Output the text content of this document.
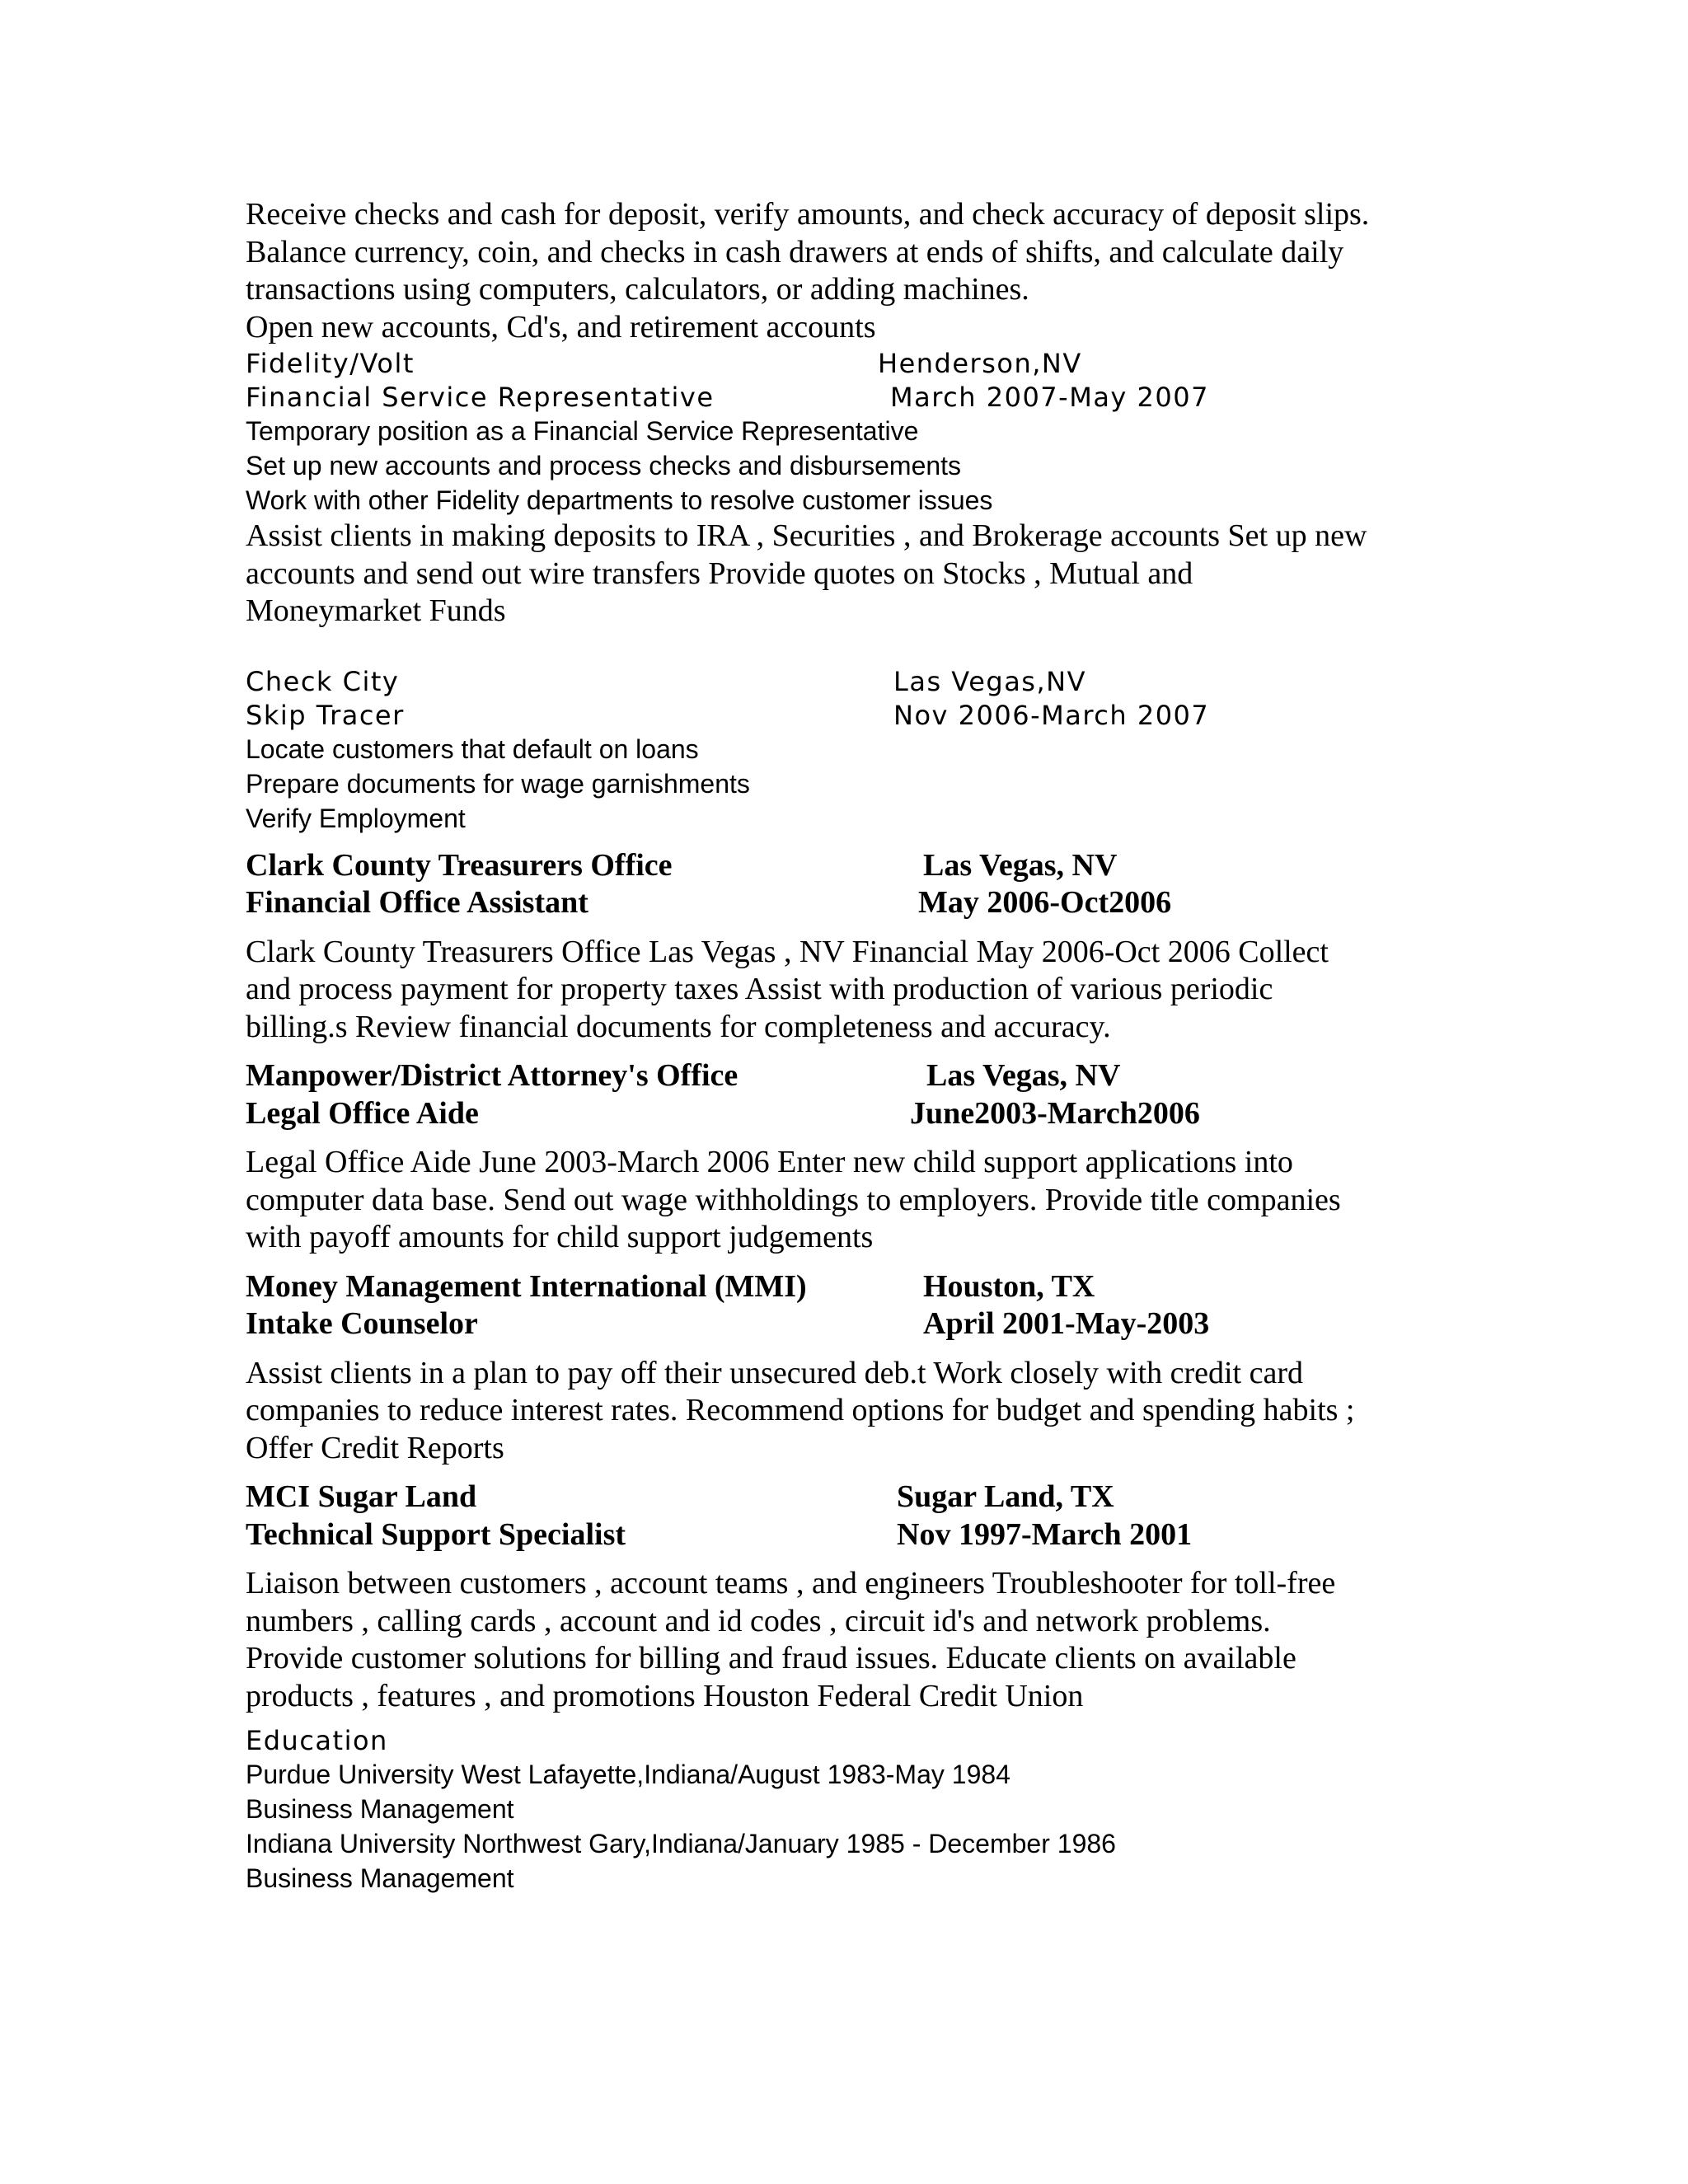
Receive checks and cash for deposit, verify amounts, and check accuracy of deposit slips.
Balance currency, coin, and checks in cash drawers at ends of shifts, and calculate daily
transactions using computers, calculators, or adding machines.
Open new accounts, Cd's, and retirement accounts
Fidelity/Volt	Henderson,NV
Financial Service Representative	March 2007-May 2007
Temporary position as a Financial Service Representative
Set up new accounts and process checks and disbursements
Work with other Fidelity departments to resolve customer issues
Assist clients in making deposits to IRA , Securities , and Brokerage accounts Set up new
accounts and send out wire transfers Provide quotes on Stocks , Mutual and
Moneymarket Funds
Check City	Las Vegas,NV
Skip Tracer	Nov 2006-March 2007
Locate customers that default on loans
Prepare documents for wage garnishments
Verify Employment
Clark County Treasurers Office	Las Vegas, NV
Financial Office Assistant	May 2006-Oct2006
Clark County Treasurers Office Las Vegas , NV Financial May 2006-Oct 2006 Collect
and process payment for property taxes Assist with production of various periodic
billing.s Review financial documents for completeness and accuracy.
Manpower/District Attorney's Office	Las Vegas, NV
Legal Office Aide	June2003-March2006
Legal Office Aide June 2003-March 2006 Enter new child support applications into
computer data base. Send out wage withholdings to employers. Provide title companies
with payoff amounts for child support judgements
Money Management International (MMI)	Houston, TX
Intake Counselor	April 2001-May-2003
Assist clients in a plan to pay off their unsecured deb.t Work closely with credit card
companies to reduce interest rates. Recommend options for budget and spending habits ;
Offer Credit Reports
MCI Sugar Land	Sugar Land, TX
Technical Support Specialist	Nov 1997-March 2001
Liaison between customers , account teams , and engineers Troubleshooter for toll-free
numbers , calling cards , account and id codes , circuit id's and network problems.
Provide customer solutions for billing and fraud issues. Educate clients on available
products , features , and promotions Houston Federal Credit Union
Education
Purdue University West Lafayette,Indiana/August 1983-May 1984
Business Management
Indiana University Northwest Gary,Indiana/January 1985 - December 1986
Business Management
